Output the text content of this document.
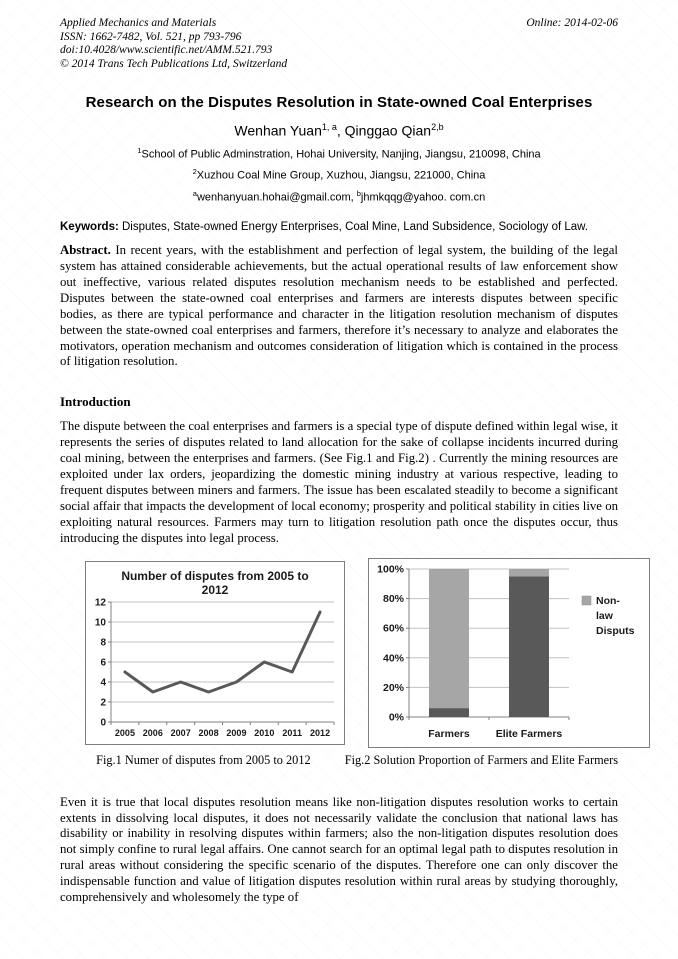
Applied Mechanics and Materials
ISSN: 1662-7482, Vol. 521, pp 793-796
doi:10.4028/www.scientific.net/AMM.521.793
© 2014 Trans Tech Publications Ltd, Switzerland
Online: 2014-02-06
Research on the Disputes Resolution in State-owned Coal Enterprises
Wenhan Yuan$^{1, a}$, Qinggao Qian$^{2,b}$
$^1$School of Public Adminstration, Hohai University, Nanjing, Jiangsu, 210098, China
$^2$Xuzhou Coal Mine Group, Xuzhou, Jiangsu, 221000, China
$^a$wenhanyuan.hohai@gmail.com, $^b$jhmkqqg@yahoo. com.cn

Keywords: Disputes, State-owned Energy Enterprises, Coal Mine, Land Subsidence, Sociology of Law.

Abstract. In recent years, with the establishment and perfection of legal system, the building of the legal system has attained considerable achievements, but the actual operational results of law enforcement show out ineffective, various related disputes resolution mechanism needs to be established and perfected. Disputes between the state-owned coal enterprises and farmers are interests disputes between specific bodies, as there are typical performance and character in the litigation resolution mechanism of disputes between the state-owned coal enterprises and farmers, therefore it’s necessary to analyze and elaborates the motivators, operation mechanism and outcomes consideration of litigation which is contained in the process of litigation resolution.

Introduction

The dispute between the coal enterprises and farmers is a special type of dispute defined within legal wise, it represents the series of disputes related to land allocation for the sake of collapse incidents incurred during coal mining, between the enterprises and farmers. (See Fig.1 and Fig.2) . Currently the mining resources are exploited under lax orders, jeopardizing the domestic mining industry at various respective, leading to frequent disputes between miners and farmers. The issue has been escalated steadily to become a significant social affair that impacts the development of local economy; prosperity and political stability in cities live on exploiting natural resources. Farmers may turn to litigation resolution path once the disputes occur, thus introducing the disputes into legal process.

Number of disputes from 2005 to 2012
0
2
4
6
8
10
12
2005 2006 2007 2008 2009 2010 2011 2012
0%
20%
40%
60%
80%
100%
Farmers Elite Farmers
Non-
law
Disputs
Fig.1 Numer of disputes from 2005 to 2012	Fig.2 Solution Proportion of Farmers and Elite Farmers

Even it is true that local disputes resolution means like non-litigation disputes resolution works to certain extents in dissolving local disputes, it does not necessarily validate the conclusion that national laws has disability or inability in resolving disputes within farmers; also the non-litigation disputes resolution does not simply confine to rural legal affairs. One cannot search for an optimal legal path to disputes resolution in rural areas without considering the specific scenario of the disputes. Therefore one can only discover the indispensable function and value of litigation disputes resolution within rural areas by studying thoroughly, comprehensively and wholesomely the type of
